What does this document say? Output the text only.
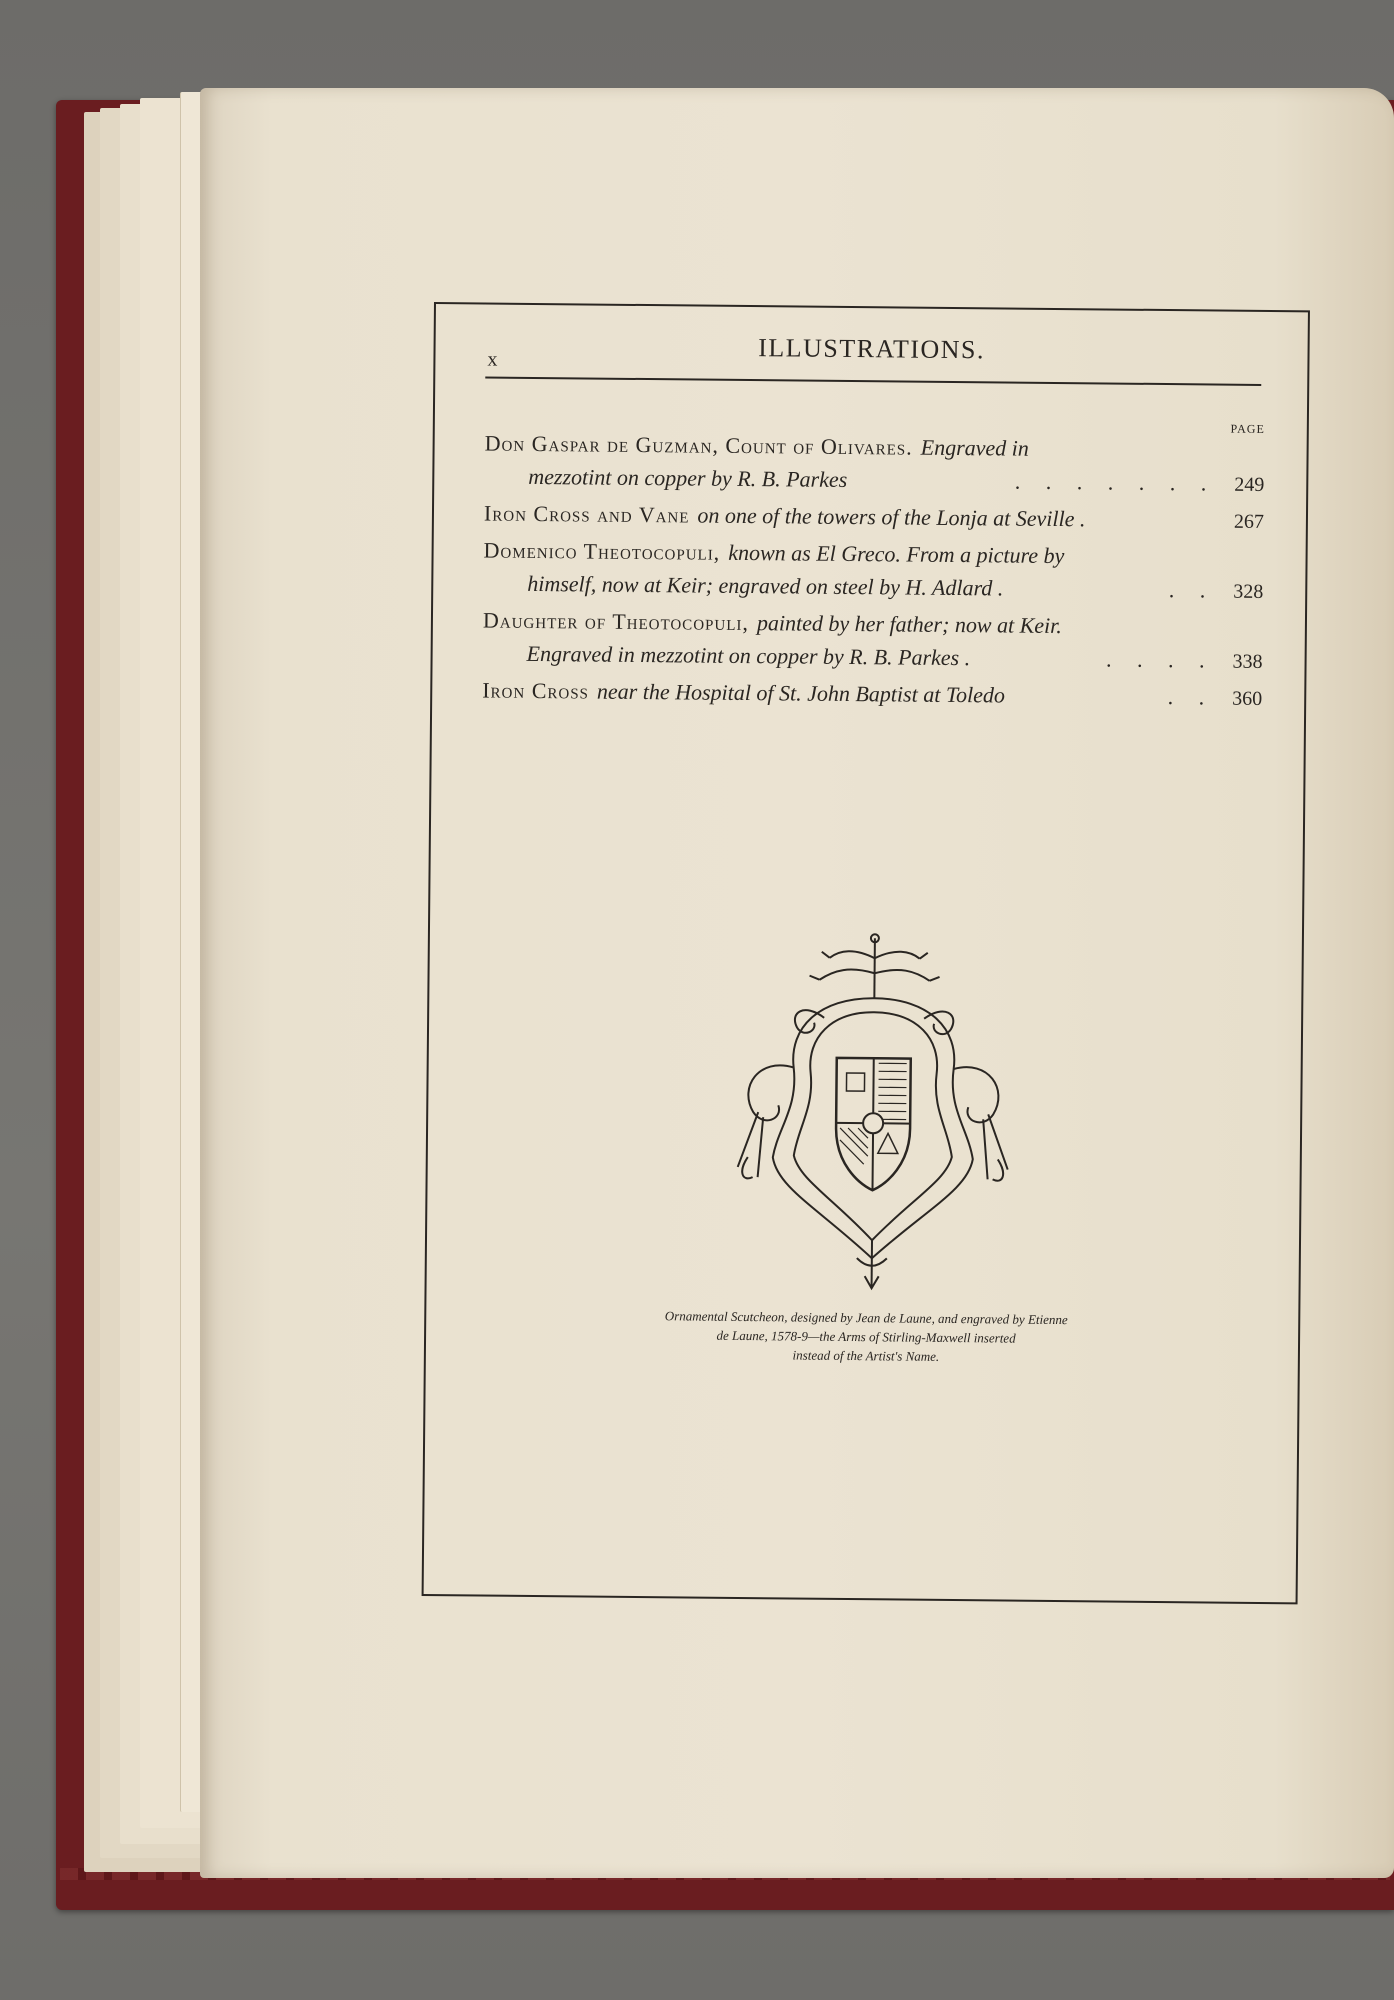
x	ILLUSTRATIONS.
PAGE
Don Gaspar de Guzman, Count of Olivares. Engraved in
mezzotint on copper by R. B. Parkes	. . . . . . . 249
Iron Cross and Vane on one of the towers of the Lonja at Seville .	267
Domenico Theotocopuli, known as El Greco. From a picture by
himself, now at Keir; engraved on steel by H. Adlard .	. . 328
Daughter of Theotocopuli, painted by her father; now at Keir.
Engraved in mezzotint on copper by R. B. Parkes .	. . . . 338
Iron Cross near the Hospital of St. John Baptist at Toledo	. . 360
Ornamental Scutcheon, designed by Jean de Laune, and engraved by Etienne
de Laune, 1578-9—the Arms of Stirling-Maxwell inserted
instead of the Artist's Name.
